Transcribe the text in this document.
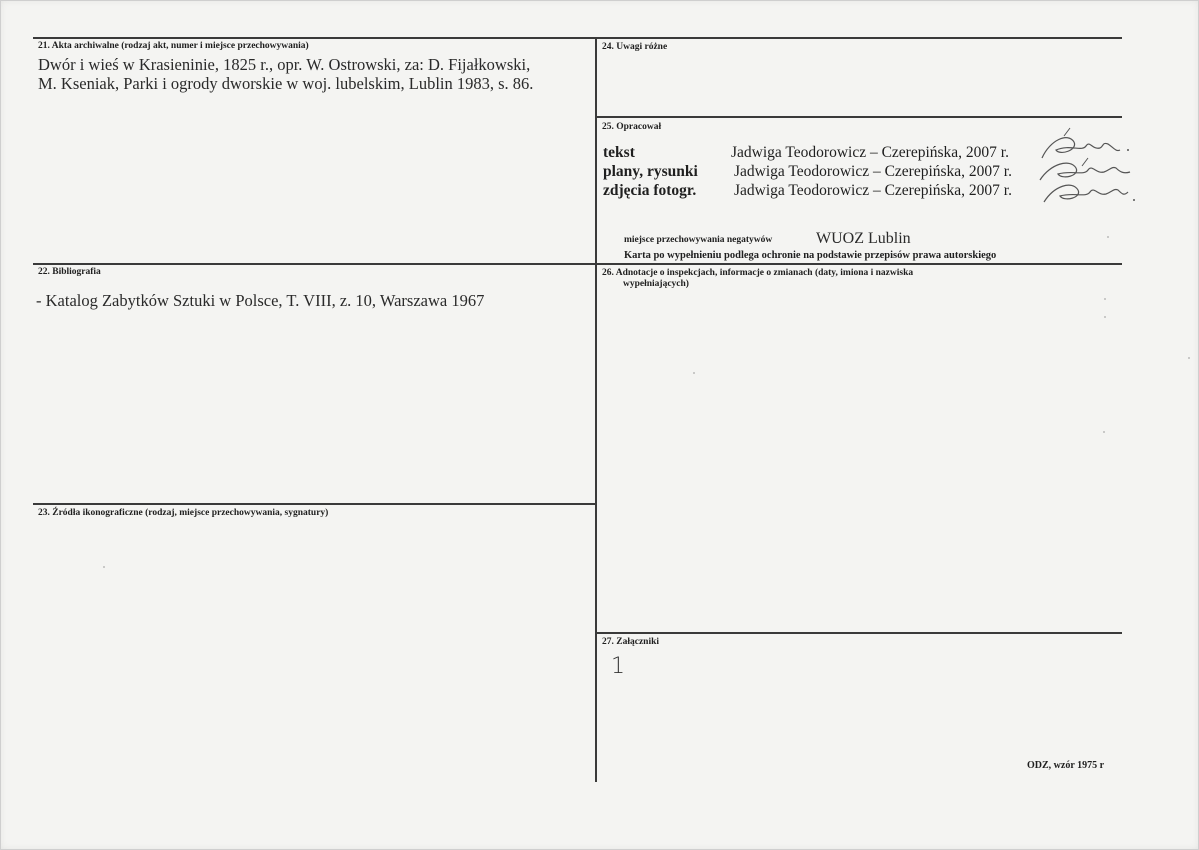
21. Akta archiwalne (rodzaj akt, numer i miejsce przechowywania)
Dwór i wieś w Krasieninie, 1825 r., opr. W. Ostrowski, za: D. Fijałkowski,
M. Kseniak, Parki i ogrody dworskie w woj. lubelskim, Lublin 1983, s. 86.
22. Bibliografia
- Katalog Zabytków Sztuki w Polsce, T. VIII, z. 10, Warszawa 1967
23. Źródła ikonograficzne (rodzaj, miejsce przechowywania, sygnatury)
24. Uwagi różne
25. Opracował
tekst	Jadwiga Teodorowicz – Czerepińska, 2007 r.
plany, rysunki Jadwiga Teodorowicz – Czerepińska, 2007 r.
zdjęcia fotogr. Jadwiga Teodorowicz – Czerepińska, 2007 r.
miejsce przechowywania negatywów	WUOZ Lublin
Karta po wypełnieniu podlega ochronie na podstawie przepisów prawa autorskiego
26. Adnotacje o inspekcjach, informacje o zmianach (daty, imiona i nazwiska
wypełniających)
27. Załączniki
1
ODZ, wzór 1975 r
